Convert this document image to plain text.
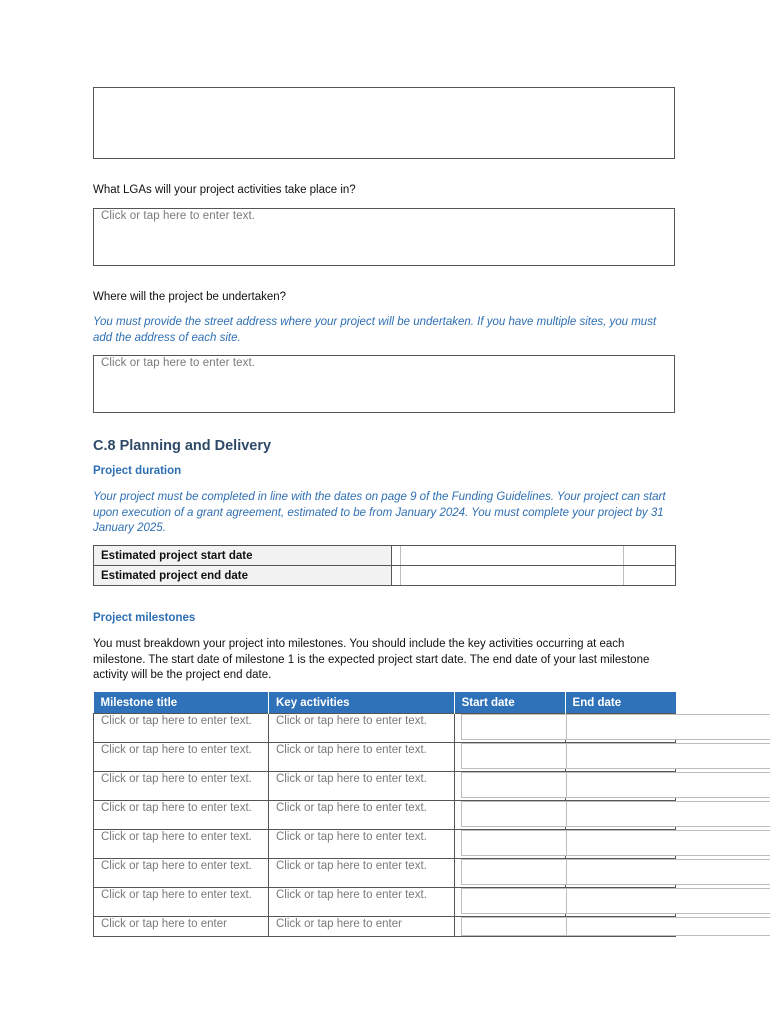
What LGAs will your project activities take place in?
Click or tap here to enter text.
Where will the project be undertaken?
You must provide the street address where your project will be undertaken. If you have multiple sites, you must add the address of each site.
Click or tap here to enter text.
C.8 Planning and Delivery
Project duration
Your project must be completed in line with the dates on page 9 of the Funding Guidelines. Your project can start upon execution of a grant agreement, estimated to be from January 2024. You must complete your project by 31 January 2025.
Estimated project start date	

Estimated project end date	
Project milestones
You must breakdown your project into milestones. You should include the key activities occurring at each milestone. The start date of milestone 1 is the expected project start date. The end date of your last milestone activity will be the project end date.
Milestone title	Key activities	Start date	End date
Click or tap here to enter text.	Click or tap here to enter text.	

Click or tap here to enter text.	Click or tap here to enter text.	

Click or tap here to enter text.	Click or tap here to enter text.	

Click or tap here to enter text.	Click or tap here to enter text.	

Click or tap here to enter text.	Click or tap here to enter text.	

Click or tap here to enter text.	Click or tap here to enter text.	

Click or tap here to enter text.	Click or tap here to enter text.	

Click or tap here to enter	Click or tap here to enter	
